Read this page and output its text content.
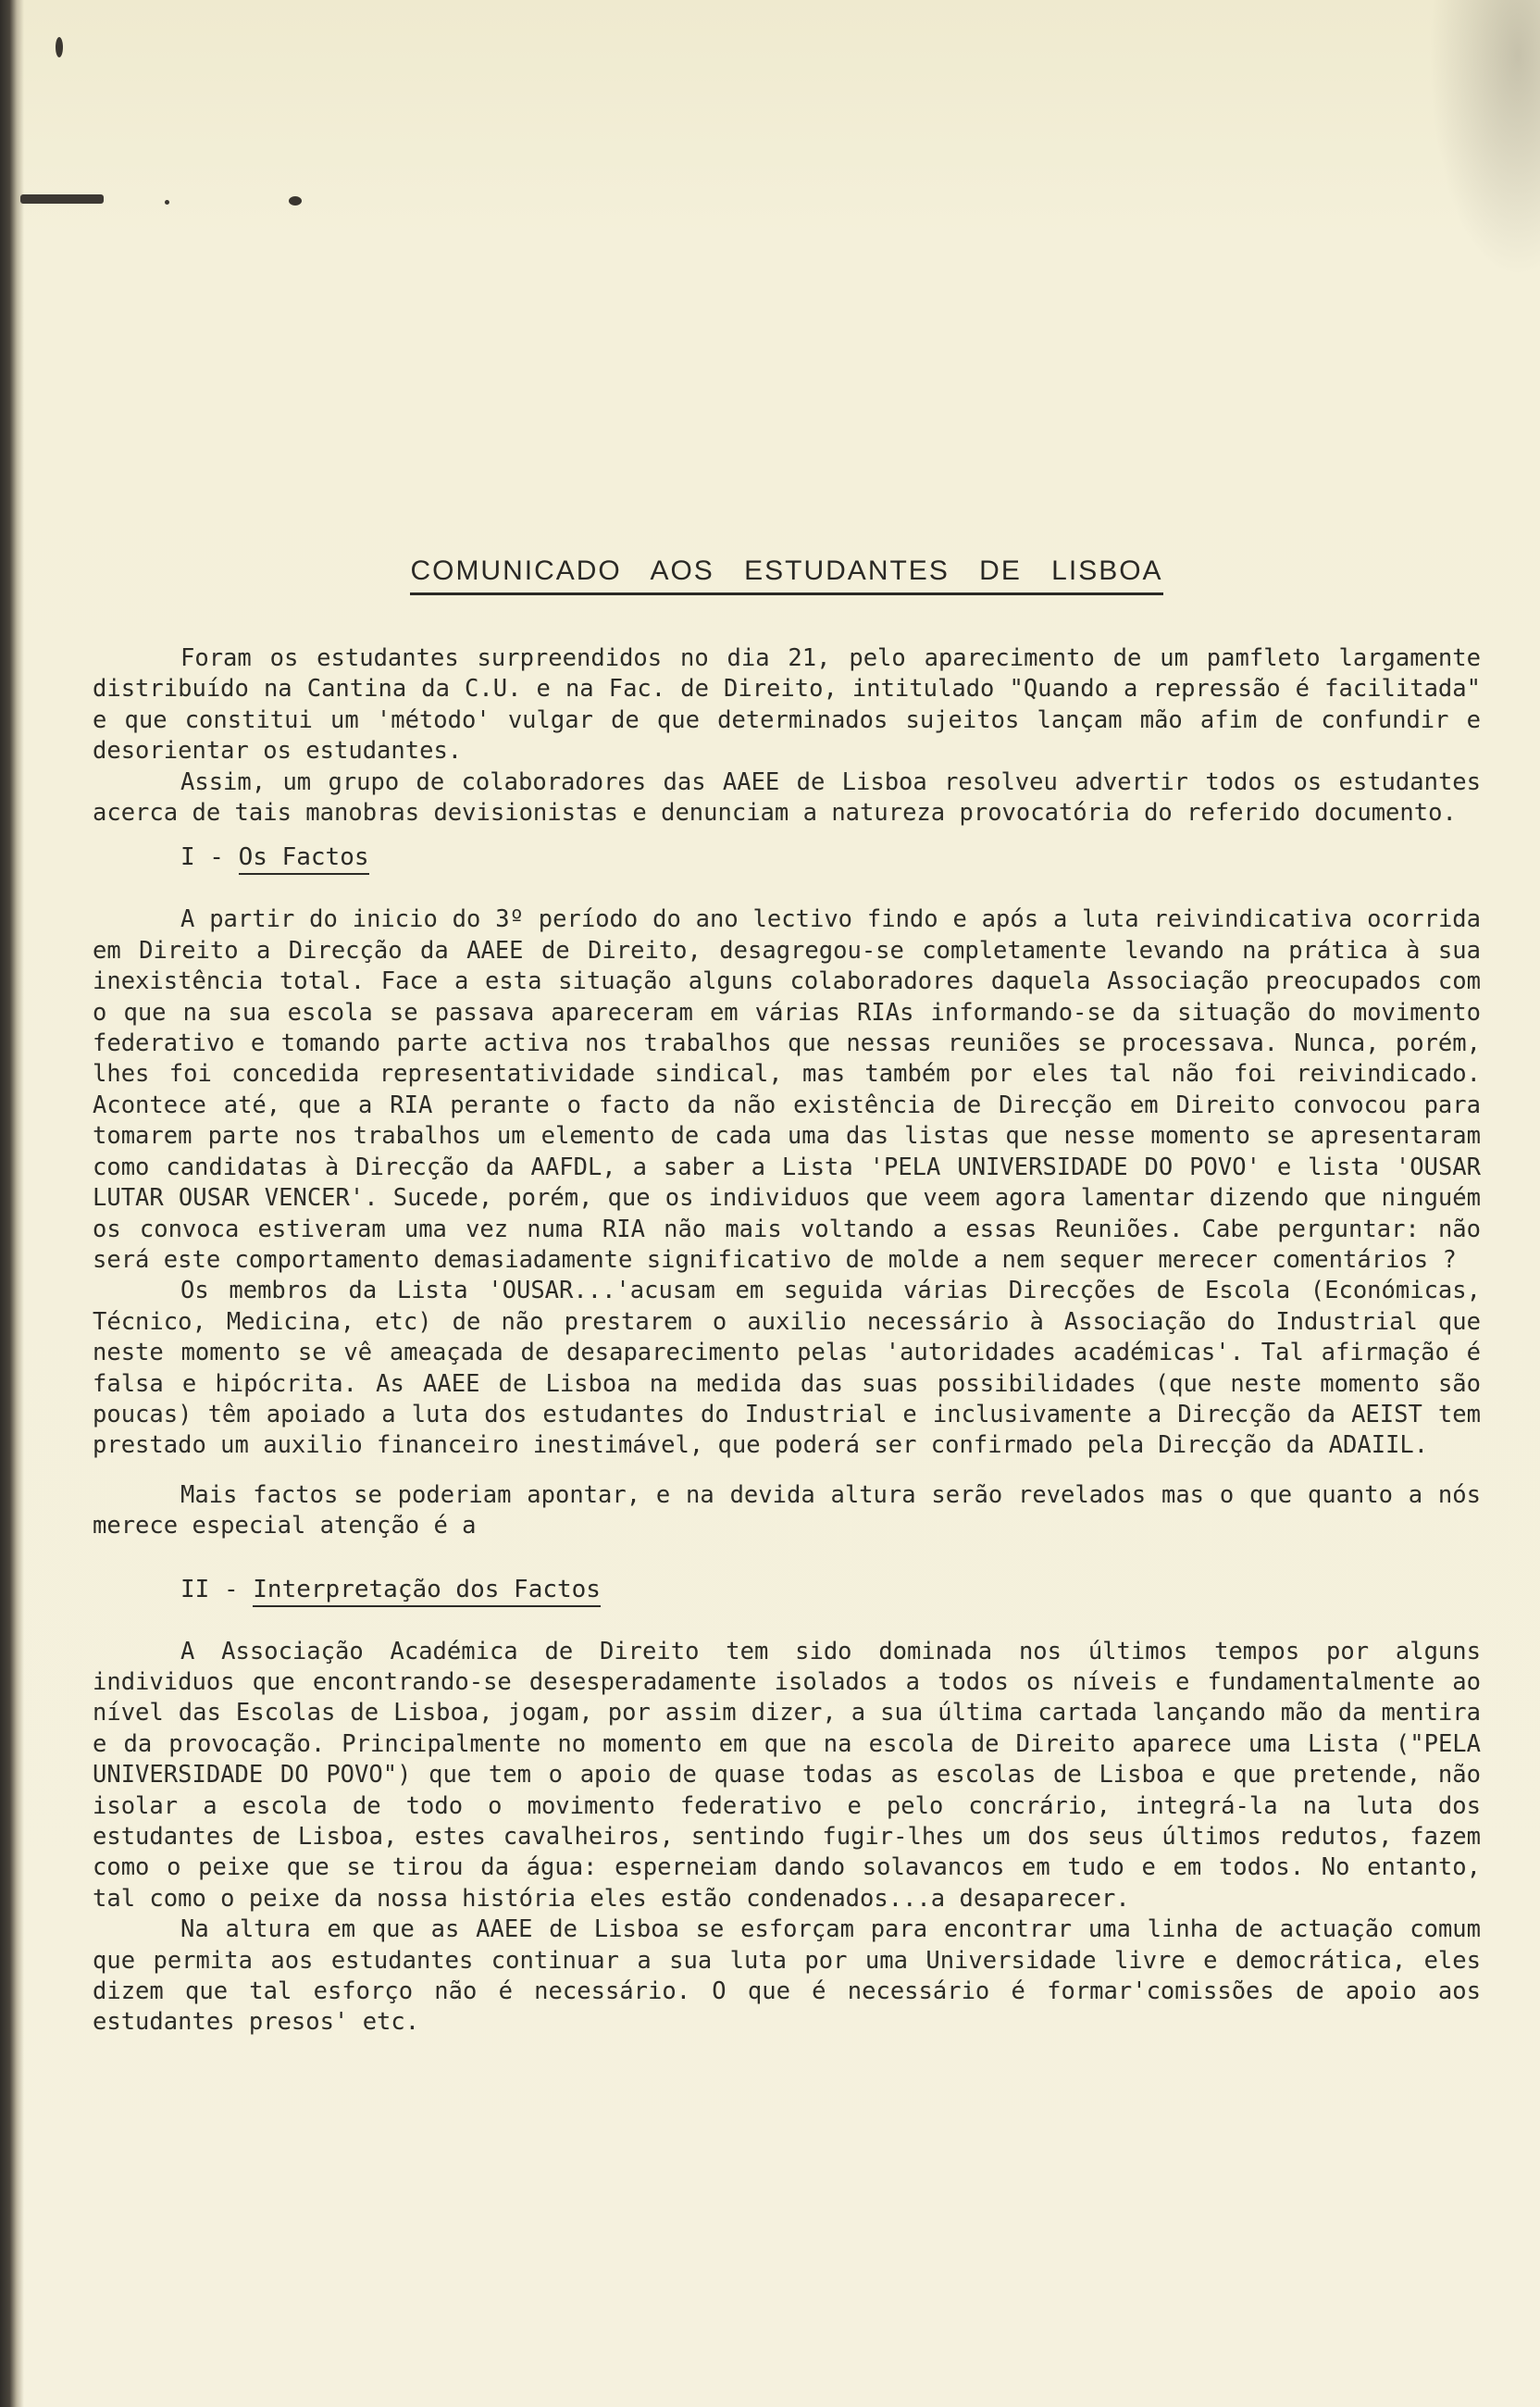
COMUNICADO AOS ESTUDANTES DE LISBOA

Foram os estudantes surpreendidos no dia 21, pelo aparecimento de um pamfleto largamente distribuído na Cantina da C.U. e na Fac. de Direito, intitulado "Quando a repressão é facilitada" e que constitui um 'método' vulgar de que determinados sujeitos lançam mão afim de confundir e desorientar os estudantes.

Assim, um grupo de colaboradores das AAEE de Lisboa resolveu advertir todos os estudantes acerca de tais manobras devisionistas e denunciam a natureza provocatória do referido documento.

I - Os Factos

A partir do inicio do 3º período do ano lectivo findo e após a luta reivindicativa ocorrida em Direito a Direcção da AAEE de Direito, desagregou-se completamente levando na prática à sua inexistência total. Face a esta situação alguns colaboradores daquela Associação preocupados com o que na sua escola se passava apareceram em várias RIAs informando-se da situação do movimento federativo e tomando parte activa nos trabalhos que nessas reuniões se processava. Nunca, porém, lhes foi concedida representatividade sindical, mas também por eles tal não foi reivindicado. Acontece até, que a RIA perante o facto da não existência de Direcção em Direito convocou para tomarem parte nos trabalhos um elemento de cada uma das listas que nesse momento se apresentaram como candidatas à Direcção da AAFDL, a saber a Lista 'PELA UNIVERSIDADE DO POVO' e lista 'OUSAR LUTAR OUSAR VENCER'. Sucede, porém, que os individuos que veem agora lamentar dizendo que ninguém os convoca estiveram uma vez numa RIA não mais voltando a essas Reuniões. Cabe perguntar: não será este comportamento demasiadamente significativo de molde a nem sequer merecer comentários ?

Os membros da Lista 'OUSAR...'acusam em seguida várias Direcções de Escola (Económicas, Técnico, Medicina, etc) de não prestarem o auxilio necessário à Associação do Industrial que neste momento se vê ameaçada de desaparecimento pelas 'autoridades académicas'. Tal afirmação é falsa e hipócrita. As AAEE de Lisboa na medida das suas possibilidades (que neste momento são poucas) têm apoiado a luta dos estudantes do Industrial e inclusivamente a Direcção da AEIST tem prestado um auxilio financeiro inestimável, que poderá ser confirmado pela Direcção da ADAIIL.

Mais factos se poderiam apontar, e na devida altura serão revelados mas o que quanto a nós merece especial atenção é a

II - Interpretação dos Factos

A Associação Académica de Direito tem sido dominada nos últimos tempos por alguns individuos que encontrando-se desesperadamente isolados a todos os níveis e fundamentalmente ao nível das Escolas de Lisboa, jogam, por assim dizer, a sua última cartada lançando mão da mentira e da provocação. Principalmente no momento em que na escola de Direito aparece uma Lista ("PELA UNIVERSIDADE DO POVO") que tem o apoio de quase todas as escolas de Lisboa e que pretende, não isolar a escola de todo o movimento federativo e pelo concrário, integrá-la na luta dos estudantes de Lisboa, estes cavalheiros, sentindo fugir-lhes um dos seus últimos redutos, fazem como o peixe que se tirou da água: esperneiam dando solavancos em tudo e em todos. No entanto, tal como o peixe da nossa história eles estão condenados...a desaparecer.

Na altura em que as AAEE de Lisboa se esforçam para encontrar uma linha de actuação comum que permita aos estudantes continuar a sua luta por uma Universidade livre e democrática, eles dizem que tal esforço não é necessário. O que é necessário é formar'comissões de apoio aos estudantes presos' etc.
